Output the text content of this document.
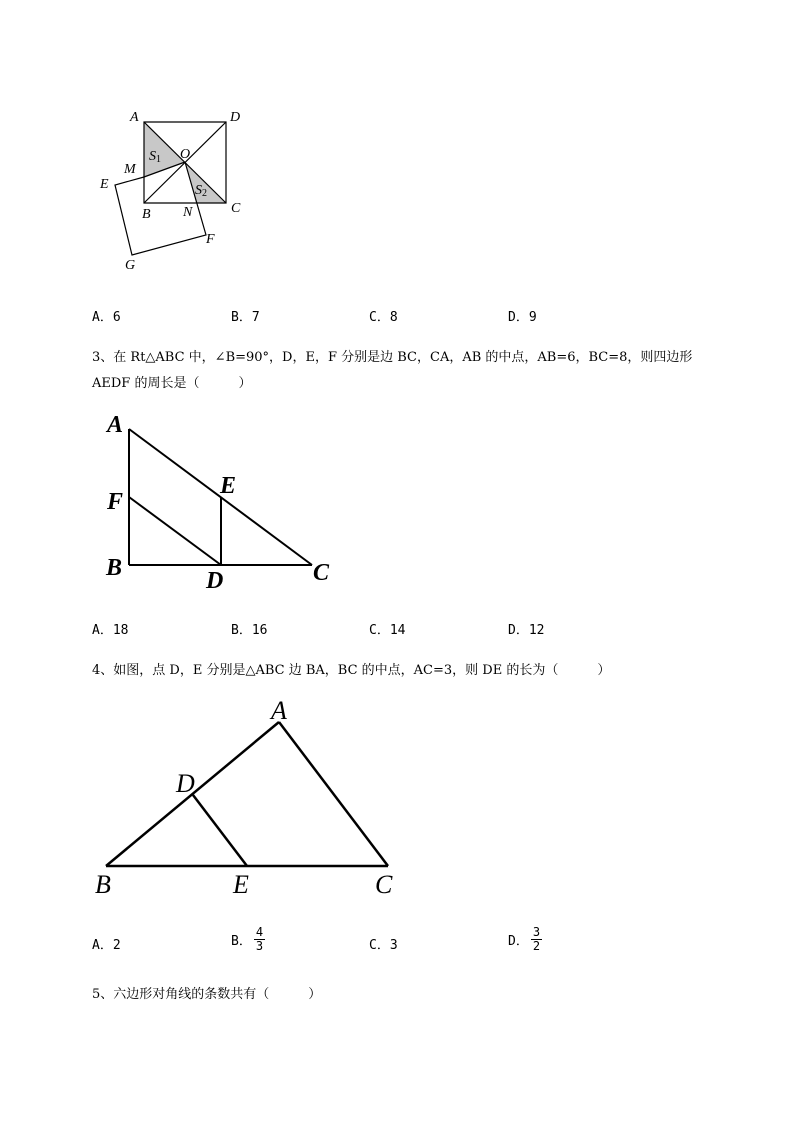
A	D
O
S1
S2
M
E
B N	C
F
G
A．6	B．7	C．8	D．9
3、在 Rt△ABC 中，∠B=90°，D，E，F 分别是边 BC，CA，AB 的中点，AB=6，BC=8，则四边形
AEDF 的周长是（　　　）
A
F
E
B	D	C
A．18	B．16	C．14	D．12
4、如图，点 D，E 分别是△ABC 边 BA，BC 的中点，AC=3，则 DE 的长为（　　　）
A
D
B	E	C
A．2	B． $\frac{4}{3}$	C．3	D． $\frac{3}{2}$
5、六边形对角线的条数共有（　　　）
